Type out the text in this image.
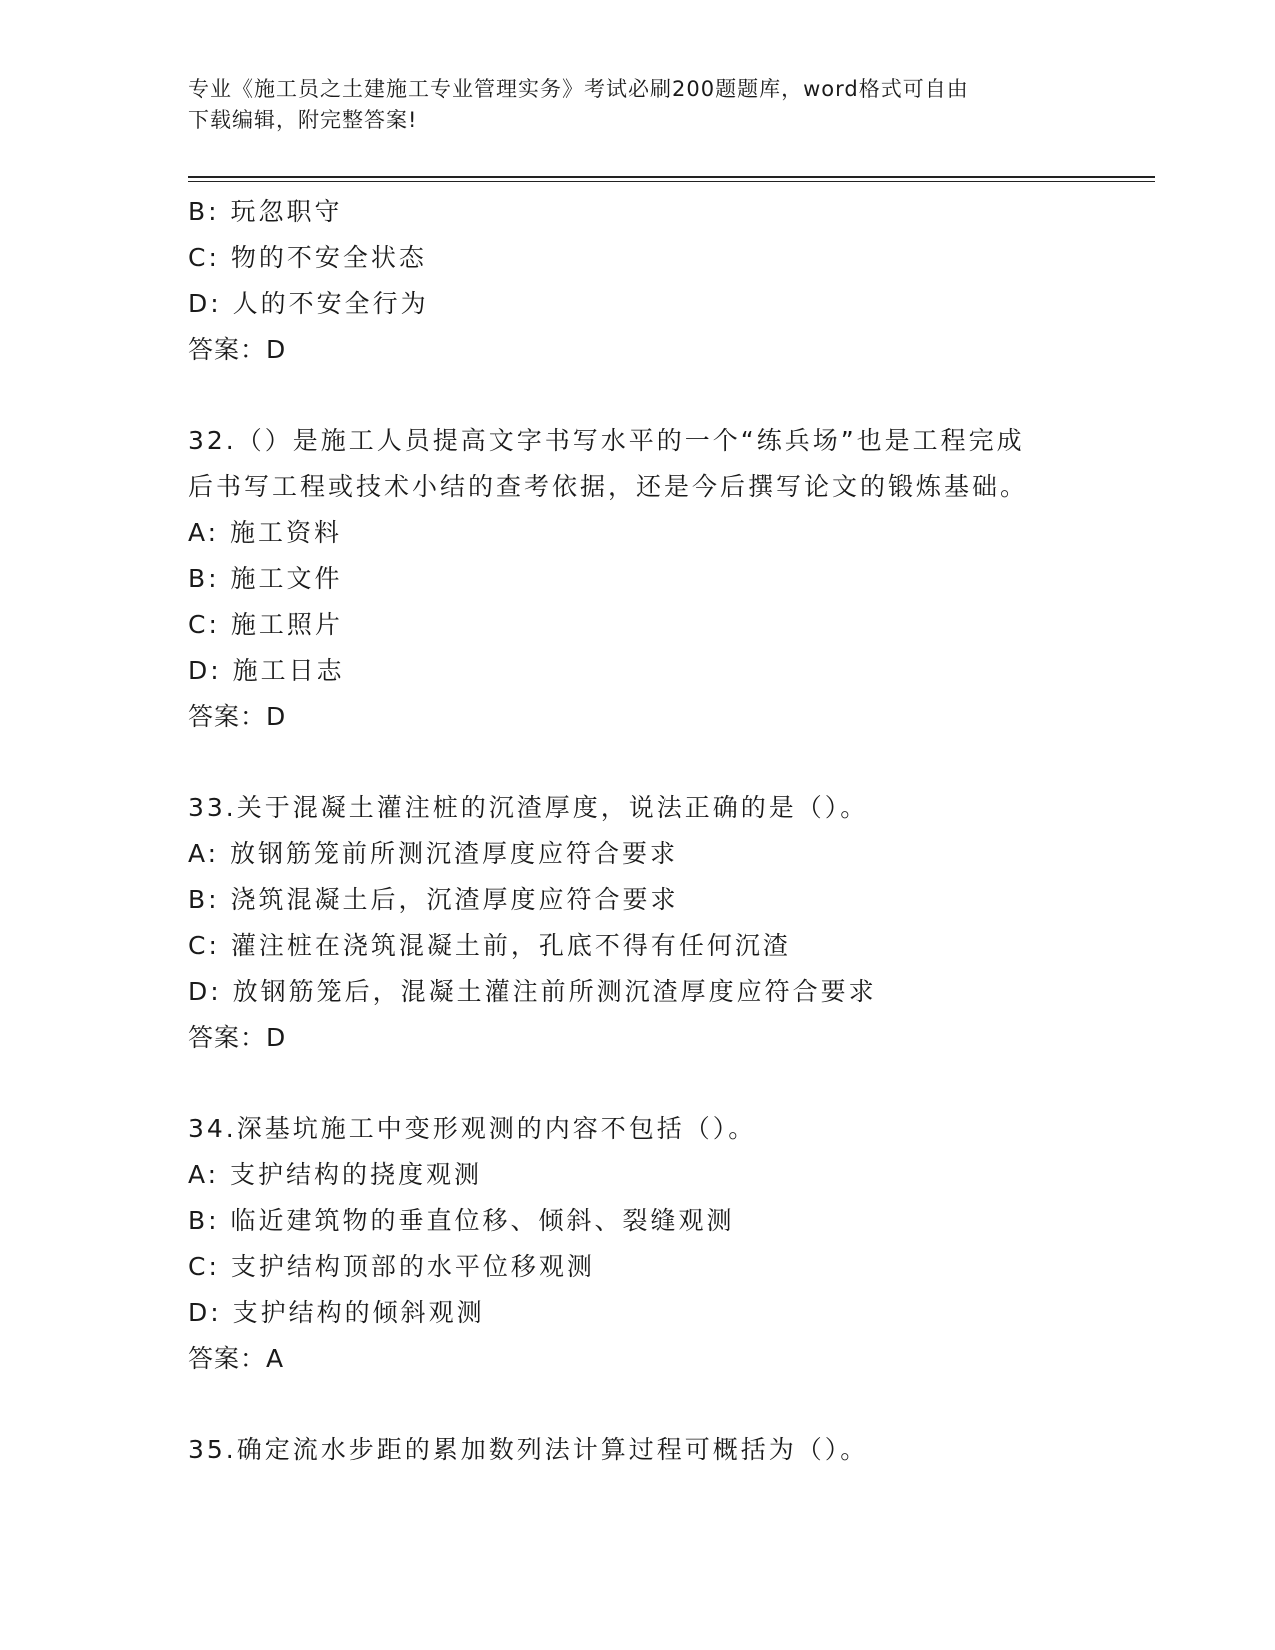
专业《施工员之土建施工专业管理实务》考试必刷200题题库，word格式可自由
下载编辑，附完整答案!
B: 玩忽职守
C: 物的不安全状态
D: 人的不安全行为
答案：D
32.（）是施工人员提高文字书写水平的一个“练兵场”也是工程完成
后书写工程或技术小结的查考依据，还是今后撰写论文的锻炼基础。
A: 施工资料
B: 施工文件
C: 施工照片
D: 施工日志
答案：D
33.关于混凝土灌注桩的沉渣厚度，说法正确的是（）。
A: 放钢筋笼前所测沉渣厚度应符合要求
B: 浇筑混凝土后，沉渣厚度应符合要求
C: 灌注桩在浇筑混凝土前，孔底不得有任何沉渣
D: 放钢筋笼后，混凝土灌注前所测沉渣厚度应符合要求
答案：D
34.深基坑施工中变形观测的内容不包括（）。
A: 支护结构的挠度观测
B: 临近建筑物的垂直位移、倾斜、裂缝观测
C: 支护结构顶部的水平位移观测
D: 支护结构的倾斜观测
答案：A
35.确定流水步距的累加数列法计算过程可概括为（）。
